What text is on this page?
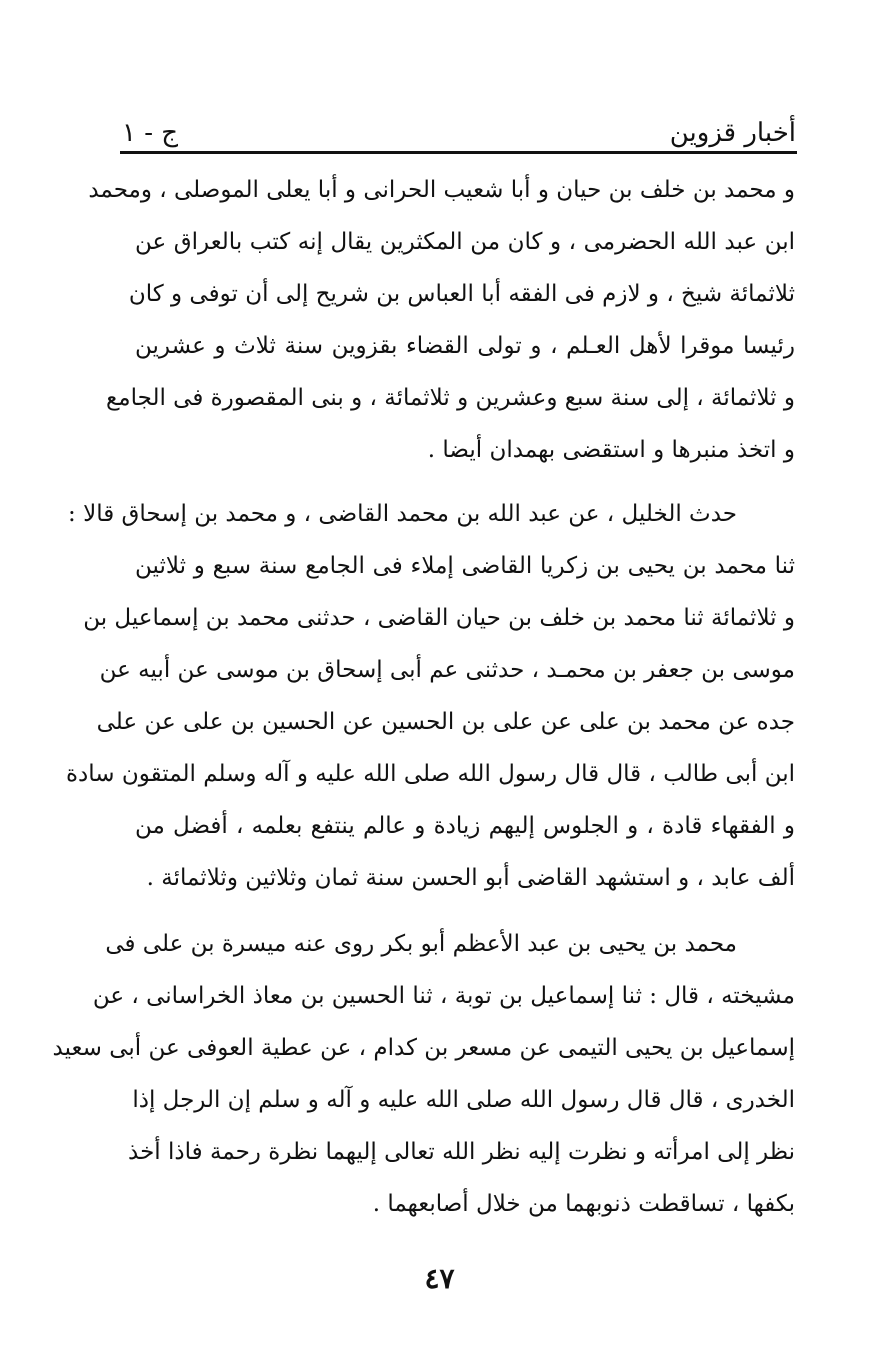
أخبار قزوين
ج - ١
و محمد بن خلف بن حيان و أبا شعيب الحرانى و أبا يعلى الموصلى ، ومحمد
ابن عبد الله الحضرمى ، و كان من المكثرين يقال إنه كتب بالعراق عن
ثلاثمائة شيخ ، و لازم فى الفقه أبا العباس بن شريح إلى أن توفى و كان
رئيسا موقرا لأهل العـلم ، و تولى القضاء بقزوين سنة ثلاث و عشرين
و ثلاثمائة ، إلى سنة سبع وعشرين و ثلاثمائة ، و بنى المقصورة فى الجامع
و اتخذ منبرها و استقضى بهمدان أيضا .
حدث الخليل ، عن عبد الله بن محمد القاضى ، و محمد بن إسحاق قالا :
ثنا محمد بن يحيى بن زكريا القاضى إملاء فى الجامع سنة سبع و ثلاثين
و ثلاثمائة ثنا محمد بن خلف بن حيان القاضى ، حدثنى محمد بن إسماعيل بن
موسى بن جعفر بن محمـد ، حدثنى عم أبى إسحاق بن موسى عن أبيه عن
جده عن محمد بن على عن على بن الحسين عن الحسين بن على عن على
ابن أبى طالب ، قال قال رسول الله صلى الله عليه و آله وسلم المتقون سادة
و الفقهاء قادة ، و الجلوس إليهم زيادة و عالم ينتفع بعلمه ، أفضل من
ألف عابد ، و استشهد القاضى أبو الحسن سنة ثمان وثلاثين وثلاثمائة .
محمد بن يحيى بن عبد الأعظم أبو بكر روى عنه ميسرة بن على فى
مشيخته ، قال : ثنا إسماعيل بن توبة ، ثنا الحسين بن معاذ الخراسانى ، عن
إسماعيل بن يحيى التيمى عن مسعر بن كدام ، عن عطية العوفى عن أبى سعيد
الخدرى ، قال قال رسول الله صلى الله عليه و آله و سلم إن الرجل إذا
نظر إلى امرأته و نظرت إليه نظر الله تعالى إليهما نظرة رحمة فاذا أخذ
بكفها ، تساقطت ذنوبهما من خلال أصابعهما .
٤٧
